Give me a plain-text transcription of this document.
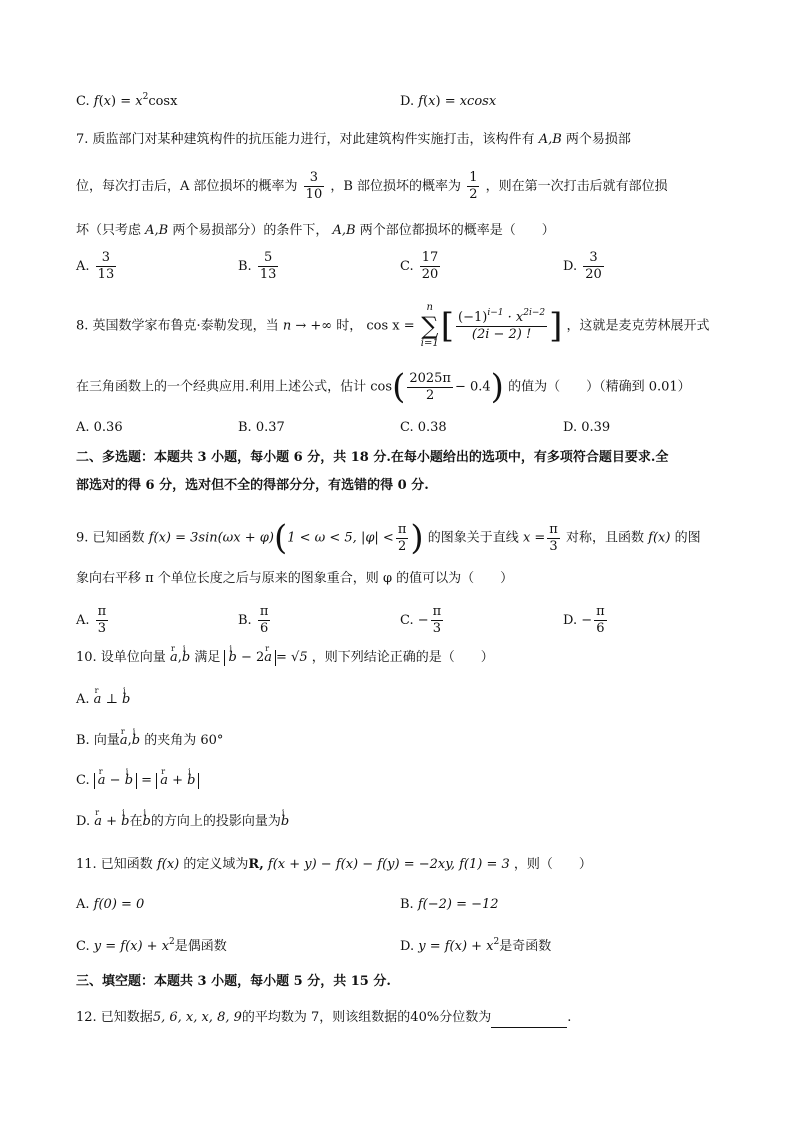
C. $f(x) = x^2\cos x$	D. f(x) = xcosx
7. 质监部门对某种建筑构件的抗压能力进行，对此建筑构件实施打击，该构件有 A,B 两个易损部
位，每次打击后，A 部位损坏的概率为 $\frac{3}{10}$ ，B 部位损坏的概率为 $\frac{1}{2}$ ，则在第一次打击后就有部位损
坏（只考虑 A,B 两个易损部分）的条件下， A,B 两个部位都损坏的概率是（　　）
A. $\frac{3}{13}$	B. $\frac{5}{13}$	C. $\frac{17}{20}$	D. $\frac{3}{20}$
8. 英国数学家布鲁克·泰勒发现，当 n → +∞ 时， cos x = n
∑
$i=1[ \frac{(-1)^{i-1} \cdot x^{2i-2}}{(2i - 2) !}$ ] ，这就是麦克劳林展开式
在三角函数上的一个经典应用.利用上述公式，估计 $\cos( \frac{2025\pi}{2} - 0.4)$ 的值为（　　）（精确到 0.01）
A. 0.36	B. 0.37	C. 0.38	D. 0.39
二、多选题：本题共 3 小题，每小题 6 分，共 18 分.在每小题给出的选项中，有多项符合题目要求.全
部选对的得 6 分，选对但不全的得部分分，有选错的得 0 分.
9. 已知函数 f(x) = 3sin(ωx + φ)(1 < ω < 5, $|\varphi| < \frac{\pi}{2}$ ) 的图象关于直线 $x = \frac{\pi}{3}$ 对称，且函数 f(x) 的图
象向右平移 π 个单位长度之后与原来的图象重合，则 φ 的值可以为（　　）
A. $\frac{\pi}{3}$	B. $\frac{\pi}{6}$	C. − $\frac{\pi}{3}$	D. − $\frac{\pi}{6}$
10. 设单位向量 r a,i b 满足 i b − 2r a = √5 ，则下列结论正确的是（　　）
A. r a ⊥ i b
B. 向量r a,i b 的夹角为 60°
C. r a − i b = r a + i b
D. r a + i b在i b的方向上的投影向量为i b
11. 已知函数 f(x) 的定义域为R, f(x + y) − f(x) − f(y) = −2xy, f(1) = 3 ，则（　　）
A. f(0) = 0	B. f(−2) = −12
C. $y = f(x) + x^2$是偶函数	D. $y = f(x) + x^2$是奇函数
三、填空题：本题共 3 小题，每小题 5 分，共 15 分.
12. 已知数据5, 6, x, x, 8, 9的平均数为 7，则该组数据的40%分位数为	.
